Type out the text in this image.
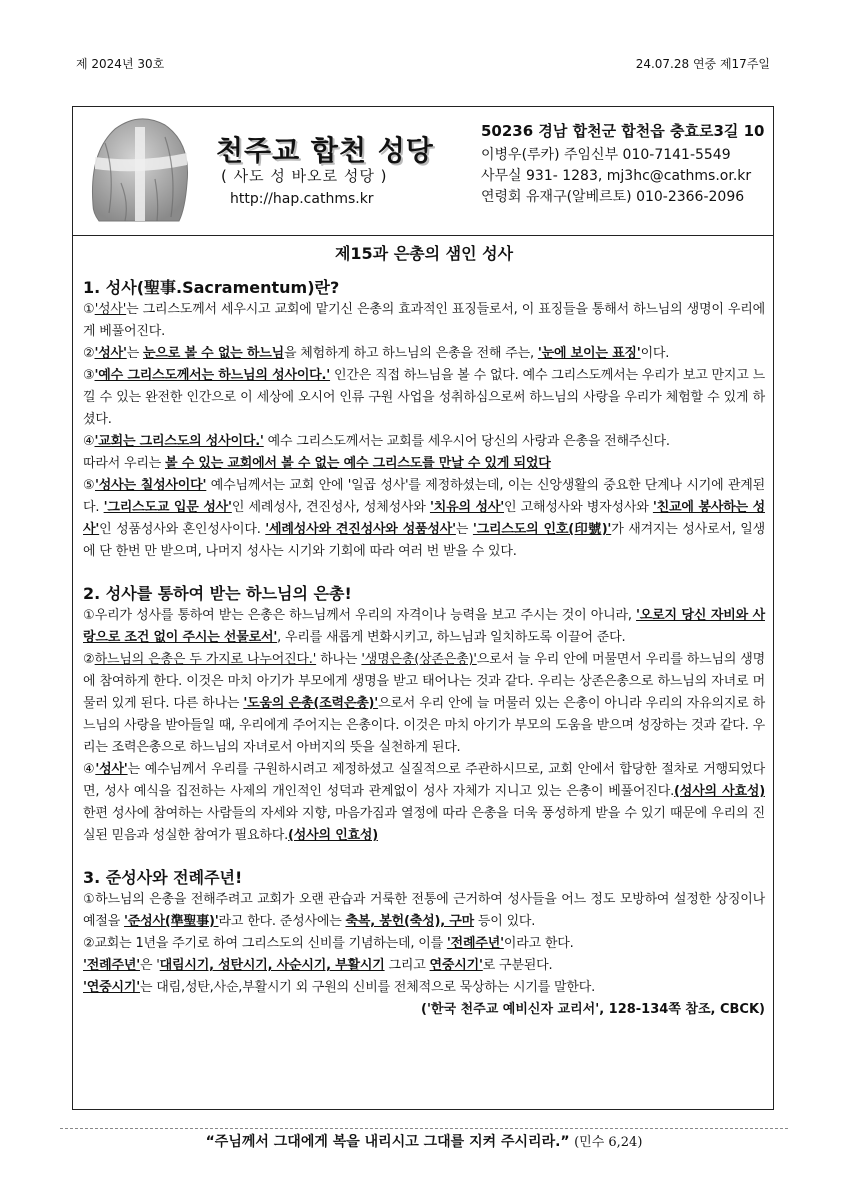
제 2024년 30호	24.07.28 연중 제17주일
천주교 합천 성당
( 사도 성 바오로 성당 )
http://hap.cathms.kr
50236 경남 합천군 합천읍 충효로3길 10
이병우(루카) 주임신부 010-7141-5549
사무실 931- 1283, mj3hc@cathms.or.kr
연령회 유재구(알베르토) 010-2366-2096
제15과 은총의 샘인 성사
1. 성사(聖事.Sacramentum)란?

①'성사'는 그리스도께서 세우시고 교회에 맡기신 은총의 효과적인 표징들로서, 이 표징들을 통해서 하느님의 생명이 우리에게 베풀어진다.

②'성사'는 눈으로 볼 수 없는 하느님을 체험하게 하고 하느님의 은총을 전해 주는, '눈에 보이는 표징'이다.

③'예수 그리스도께서는 하느님의 성사이다.' 인간은 직접 하느님을 볼 수 없다. 예수 그리스도께서는 우리가 보고 만지고 느낄 수 있는 완전한 인간으로 이 세상에 오시어 인류 구원 사업을 성취하심으로써 하느님의 사랑을 우리가 체험할 수 있게 하셨다.

④'교회는 그리스도의 성사이다.' 예수 그리스도께서는 교회를 세우시어 당신의 사랑과 은총을 전해주신다.

따라서 우리는 볼 수 있는 교회에서 볼 수 없는 예수 그리스도를 만날 수 있게 되었다

⑤'성사는 칠성사이다' 예수님께서는 교회 안에 '일곱 성사'를 제정하셨는데, 이는 신앙생활의 중요한 단계나 시기에 관계된다. '그리스도교 입문 성사'인 세례성사, 견진성사, 성체성사와 '치유의 성사'인 고해성사와 병자성사와 '친교에 봉사하는 성사'인 성품성사와 혼인성사이다. '세례성사와 견진성사와 성품성사'는 '그리스도의 인호(印號)'가 새겨지는 성사로서, 일생에 단 한번 만 받으며, 나머지 성사는 시기와 기회에 따라 여러 번 받을 수 있다.

2. 성사를 통하여 받는 하느님의 은총!

①우리가 성사를 통하여 받는 은총은 하느님께서 우리의 자격이나 능력을 보고 주시는 것이 아니라, '오로지 당신 자비와 사랑으로 조건 없이 주시는 선물로서', 우리를 새롭게 변화시키고, 하느님과 일치하도록 이끌어 준다.

②하느님의 은총은 두 가지로 나누어진다.' 하나는 '생명은총(상존은총)'으로서 늘 우리 안에 머물면서 우리를 하느님의 생명에 참여하게 한다. 이것은 마치 아기가 부모에게 생명을 받고 태어나는 것과 같다. 우리는 상존은총으로 하느님의 자녀로 머물러 있게 된다. 다른 하나는 '도움의 은총(조력은총)'으로서 우리 안에 늘 머물러 있는 은총이 아니라 우리의 자유의지로 하느님의 사랑을 받아들일 때, 우리에게 주어지는 은총이다. 이것은 마치 아기가 부모의 도움을 받으며 성장하는 것과 같다. 우리는 조력은총으로 하느님의 자녀로서 아버지의 뜻을 실천하게 된다.

④'성사'는 예수님께서 우리를 구원하시려고 제정하셨고 실질적으로 주관하시므로, 교회 안에서 합당한 절차로 거행되었다면, 성사 예식을 집전하는 사제의 개인적인 성덕과 관계없이 성사 자체가 지니고 있는 은총이 베풀어진다.(성사의 사효성) 한편 성사에 참여하는 사람들의 자세와 지향, 마음가짐과 열정에 따라 은총을 더욱 풍성하게 받을 수 있기 때문에 우리의 진실된 믿음과 성실한 참여가 필요하다.(성사의 인효성)

3. 준성사와 전례주년!

①하느님의 은총을 전해주려고 교회가 오랜 관습과 거룩한 전통에 근거하여 성사들을 어느 정도 모방하여 설정한 상징이나 예절을 '준성사(準聖事)'라고 한다. 준성사에는 축복, 봉헌(축성), 구마 등이 있다.

②교회는 1년을 주기로 하여 그리스도의 신비를 기념하는데, 이를 '전례주년'이라고 한다.

'전례주년'은 '대림시기, 성탄시기, 사순시기, 부활시기 그리고 연중시기'로 구분된다.

'연중시기'는 대림,성탄,사순,부활시기 외 구원의 신비를 전체적으로 묵상하는 시기를 말한다.

('한국 천주교 예비신자 교리서', 128-134쪽 참조, CBCK)

“주님께서 그대에게 복을 내리시고 그대를 지켜 주시리라.” (민수 6,24)
